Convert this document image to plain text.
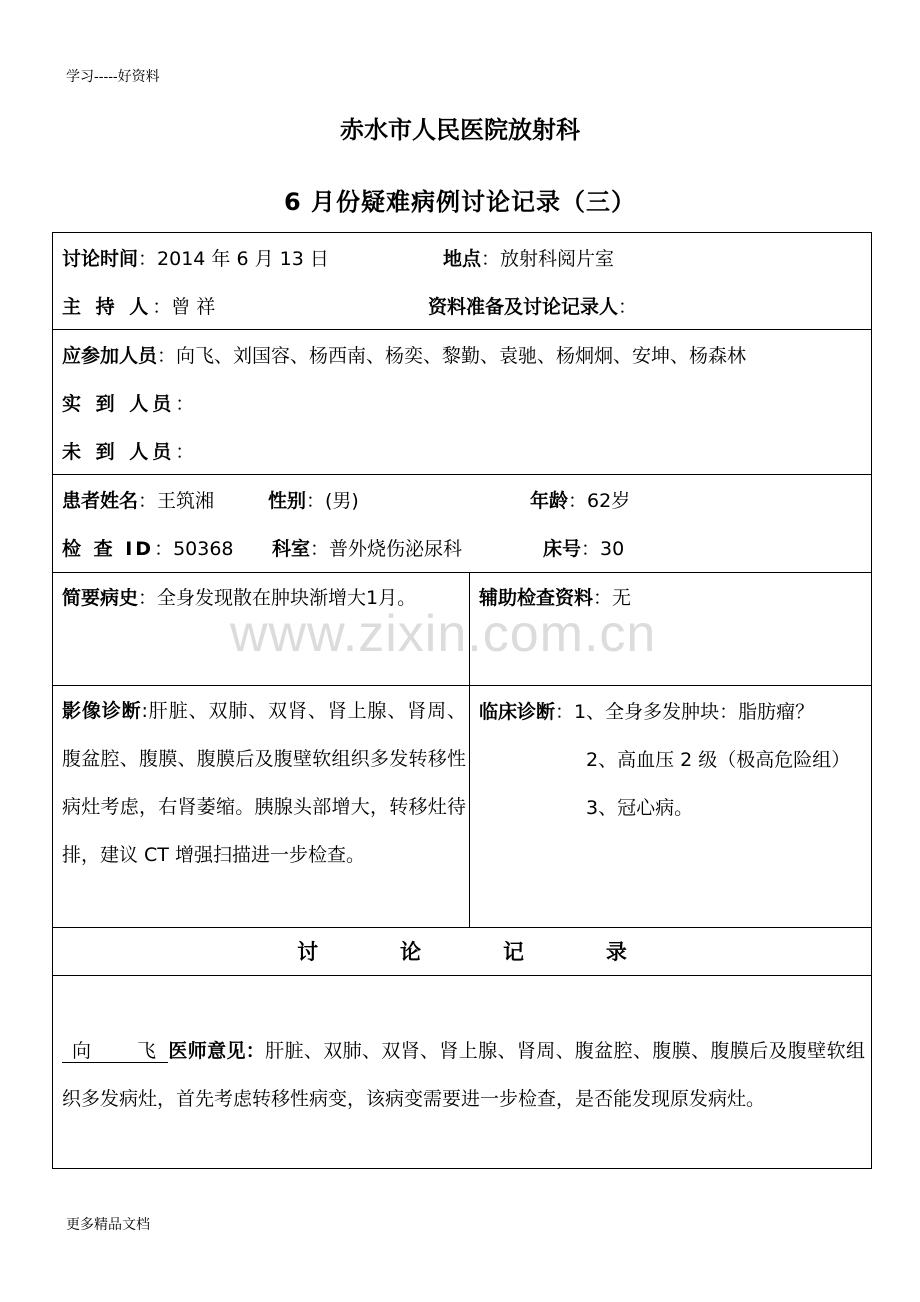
学习-----好资料
赤水市人民医院放射科
6 月份疑难病例讨论记录（三）
讨论时间：2014 年 6 月 13 日	地点：放射科阅片室
主 持 人：曾 祥	资料准备及讨论记录人：
应参加人员：向飞、刘国容、杨西南、杨奕、黎勤、袁驰、杨炯炯、安坤、杨森林
实 到 人员：
未 到 人员：
患者姓名：王筑湘	性别：(男)	年龄：62岁
检 查 ID：50368 科室：普外烧伤泌尿科	床号：30
简要病史：全身发现散在肿块渐增大1月。	辅助检查资料：无
www.zixin.com.cn
影像诊断:肝脏、双肺、双肾、肾上腺、肾周、腹盆腔、腹膜、腹膜后及腹壁软组织多发转移性病灶考虑，右肾萎缩。胰腺头部增大，转移灶待排，建议 CT 增强扫描进一步检查。
临床诊断：1、全身多发肿块：脂肪瘤？
2、高血压 2 级（极高危险组）
3、冠心病。
讨   论   记   录
向 飞 医师意见：肝脏、双肺、双肾、肾上腺、肾周、腹盆腔、腹膜、腹膜后及腹壁软组织多发病灶，首先考虑转移性病变，该病变需要进一步检查，是否能发现原发病灶。
更多精品文档
